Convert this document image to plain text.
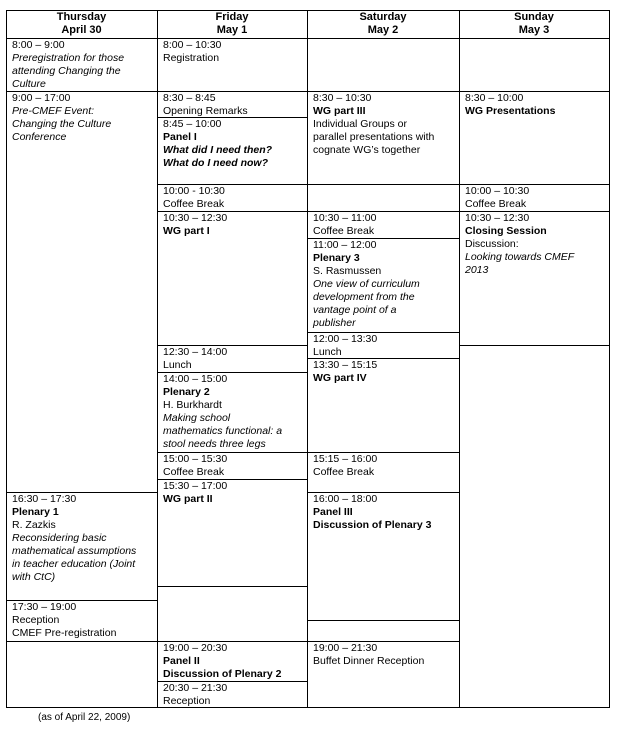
Thursday
April 30
Friday
May 1
Saturday
May 2
Sunday
May 3
8:00 – 9:00
Preregistration for those
attending Changing the
Culture
9:00 – 17:00
Pre-CMEF Event:
Changing the Culture
Conference
16:30 – 17:30
Plenary 1
R. Zazkis
Reconsidering basic
mathematical assumptions
in teacher education (Joint
with CtC)
17:30 – 19:00
Reception
CMEF Pre-registration
8:00 – 10:30
Registration
8:30 – 8:45
Opening Remarks
8:45 – 10:00
Panel I
What did I need then?
What do I need now?
10:00 - 10:30
Coffee Break
10:30 – 12:30
WG part I
12:30 – 14:00
Lunch
14:00 – 15:00
Plenary 2
H. Burkhardt
Making school
mathematics functional: a
stool needs three legs
15:00 – 15:30
Coffee Break
15:30 – 17:00
WG part II
19:00 – 20:30
Panel II
Discussion of Plenary 2
20:30 – 21:30
Reception
8:30 – 10:30
WG part III
Individual Groups or
parallel presentations with
cognate WG’s together
10:30 – 11:00
Coffee Break
11:00 – 12:00
Plenary 3
S. Rasmussen
One view of curriculum
development from the
vantage point of a
publisher
12:00 – 13:30
Lunch
13:30 – 15:15
WG part IV
15:15 – 16:00
Coffee Break
16:00 – 18:00
Panel III
Discussion of Plenary 3
19:00 – 21:30
Buffet Dinner Reception
8:30 – 10:00
WG Presentations
10:00 – 10:30
Coffee Break
10:30 – 12:30
Closing Session
Discussion:
Looking towards CMEF
2013
(as of April 22, 2009)
